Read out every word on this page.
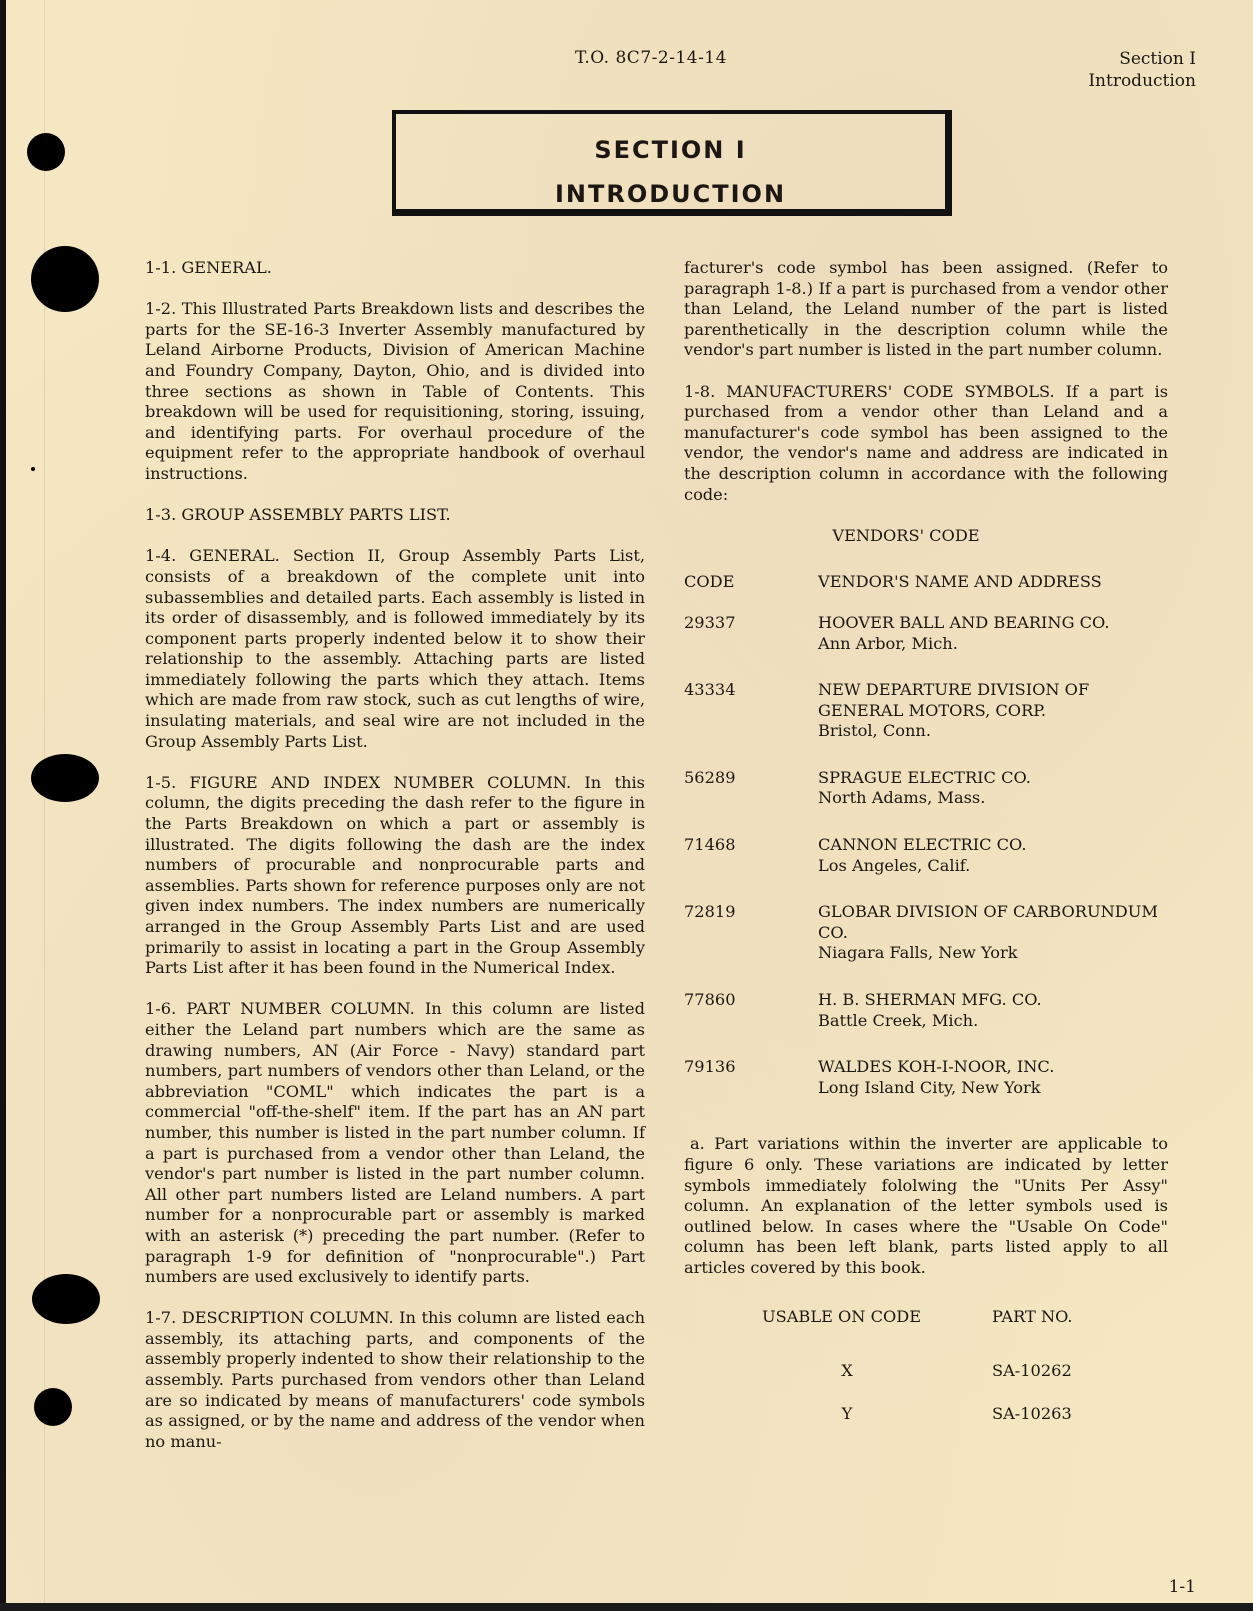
T.O. 8C7-2-14-14	Section I
Introduction
SECTION I
INTRODUCTION

1-1. GENERAL.

1-2. This Illustrated Parts Breakdown lists and describes the parts for the SE-16-3 Inverter Assembly manufactured by Leland Airborne Products, Division of American Machine and Foundry Company, Dayton, Ohio, and is divided into three sections as shown in Table of Contents. This breakdown will be used for requisitioning, storing, issuing, and identifying parts. For overhaul procedure of the equipment refer to the appropriate handbook of overhaul instructions.

1-3. GROUP ASSEMBLY PARTS LIST.

1-4. GENERAL. Section II, Group Assembly Parts List, consists of a breakdown of the complete unit into subassemblies and detailed parts. Each assembly is listed in its order of disassembly, and is followed immediately by its component parts properly indented below it to show their relationship to the assembly. Attaching parts are listed immediately following the parts which they attach. Items which are made from raw stock, such as cut lengths of wire, insulating materials, and seal wire are not included in the Group Assembly Parts List.

1-5. FIGURE AND INDEX NUMBER COLUMN. In this column, the digits preceding the dash refer to the figure in the Parts Breakdown on which a part or assembly is illustrated. The digits following the dash are the index numbers of procurable and nonprocurable parts and assemblies. Parts shown for reference purposes only are not given index numbers. The index numbers are numerically arranged in the Group Assembly Parts List and are used primarily to assist in locating a part in the Group Assembly Parts List after it has been found in the Numerical Index.

1-6. PART NUMBER COLUMN. In this column are listed either the Leland part numbers which are the same as drawing numbers, AN (Air Force - Navy) standard part numbers, part numbers of vendors other than Leland, or the abbreviation "COML" which indicates the part is a commercial "off-the-shelf" item. If the part has an AN part number, this number is listed in the part number column. If a part is purchased from a vendor other than Leland, the vendor's part number is listed in the part number column. All other part numbers listed are Leland numbers. A part number for a nonprocurable part or assembly is marked with an asterisk (*) preceding the part number. (Refer to paragraph 1-9 for definition of "nonprocurable".) Part numbers are used exclusively to identify parts.

1-7. DESCRIPTION COLUMN. In this column are listed each assembly, its attaching parts, and components of the assembly properly indented to show their relationship to the assembly. Parts purchased from vendors other than Leland are so indicated by means of manufacturers' code symbols as assigned, or by the name and address of the vendor when no manu-

facturer's code symbol has been assigned. (Refer to paragraph 1-8.) If a part is purchased from a vendor other than Leland, the Leland number of the part is listed parenthetically in the description column while the vendor's part number is listed in the part number column.

1-8. MANUFACTURERS' CODE SYMBOLS. If a part is purchased from a vendor other than Leland and a manufacturer's code symbol has been assigned to the vendor, the vendor's name and address are indicated in the description column in accordance with the following code:

VENDORS' CODE
CODE	VENDOR'S NAME AND ADDRESS
29337	HOOVER BALL AND BEARING CO.
Ann Arbor, Mich.
43334	NEW DEPARTURE DIVISION OF GENERAL MOTORS, CORP.
Bristol, Conn.
56289	SPRAGUE ELECTRIC CO.
North Adams, Mass.
71468	CANNON ELECTRIC CO.
Los Angeles, Calif.
72819	GLOBAR DIVISION OF CARBORUNDUM CO.
Niagara Falls, New York
77860	H. B. SHERMAN MFG. CO.
Battle Creek, Mich.
79136	WALDES KOH-I-NOOR, INC.
Long Island City, New York

a. Part variations within the inverter are applicable to figure 6 only. These variations are indicated by letter symbols immediately fololwing the "Units Per Assy" column. An explanation of the letter symbols used is outlined below. In cases where the "Usable On Code" column has been left blank, parts listed apply to all articles covered by this book.

USABLE ON CODE	PART NO.
X	SA-10262
Y	SA-10263
1-1
